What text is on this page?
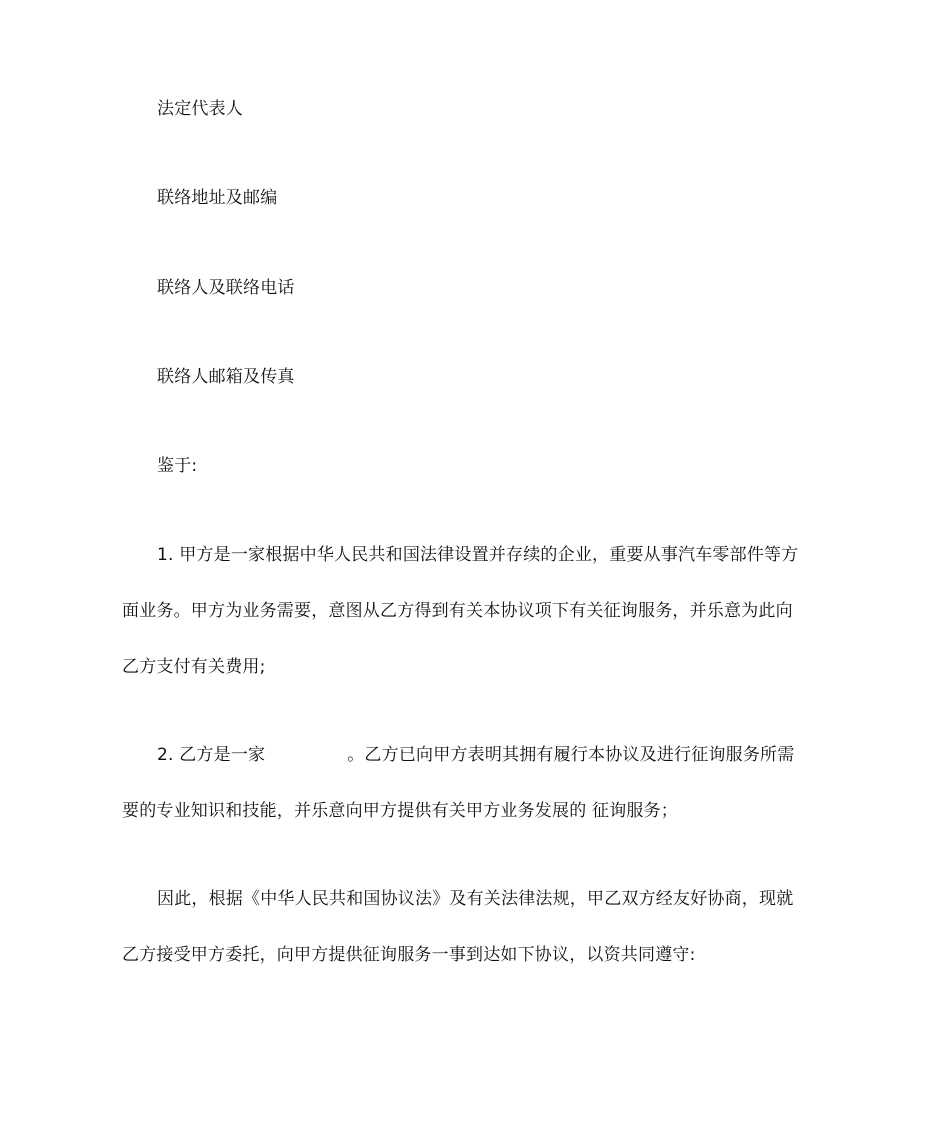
法定代表人
联络地址及邮编
联络人及联络电话
联络人邮箱及传真
鉴于:
1. 甲方是一家根据中华人民共和国法律设置并存续的企业，重要从事汽车零部件等方
面业务。甲方为业务需要，意图从乙方得到有关本协议项下有关征询服务，并乐意为此向
乙方支付有关费用;
2. 乙方是一家	。乙方已向甲方表明其拥有履行本协议及进行征询服务所需
要的专业知识和技能，并乐意向甲方提供有关甲方业务发展的 征询服务；
因此，根据《中华人民共和国协议法》及有关法律法规，甲乙双方经友好协商，现就
乙方接受甲方委托，向甲方提供征询服务一事到达如下协议，以资共同遵守:
